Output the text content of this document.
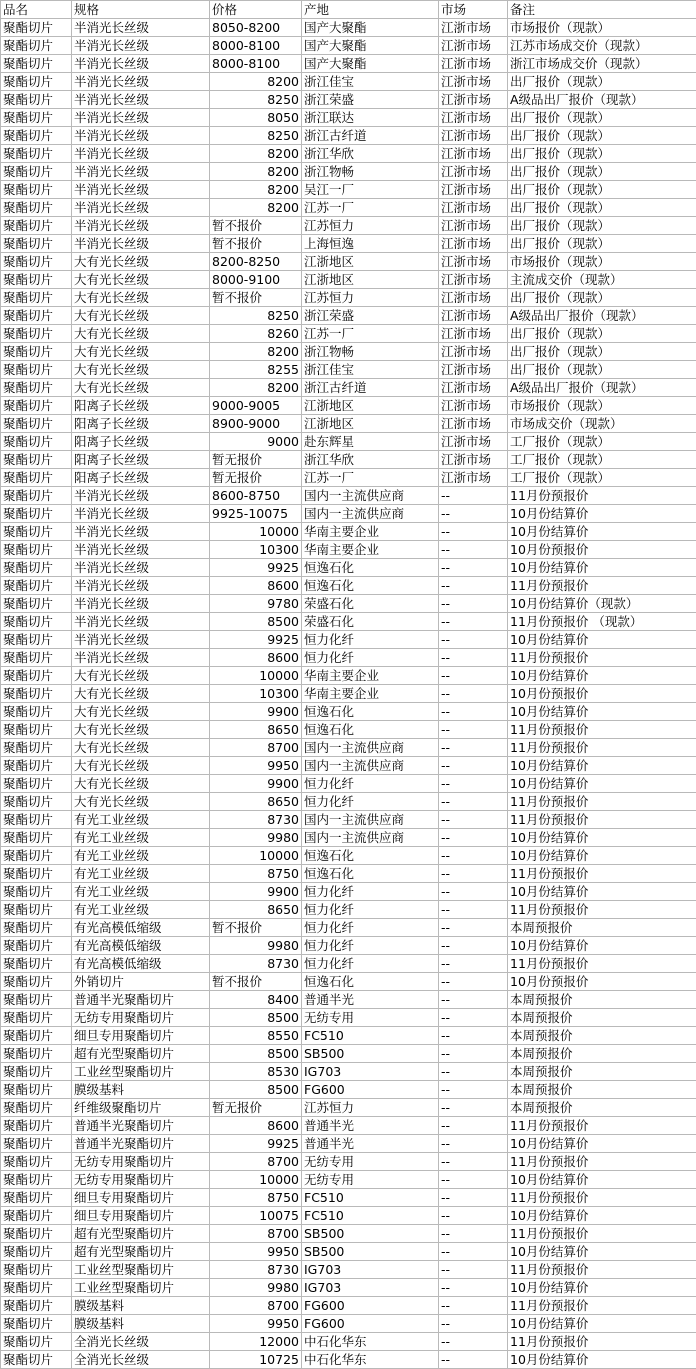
品名	规格	价格	产地	市场	备注
聚酯切片	半消光长丝级	8050-8200	国产大聚酯	江浙市场	市场报价（现款）
聚酯切片	半消光长丝级	8000-8100	国产大聚酯	江浙市场	江苏市场成交价（现款）
聚酯切片	半消光长丝级	8000-8100	国产大聚酯	江浙市场	浙江市场成交价（现款）
聚酯切片	半消光长丝级	8200	浙江佳宝	江浙市场	出厂报价（现款）
聚酯切片	半消光长丝级	8250	浙江荣盛	江浙市场	A级品出厂报价（现款）
聚酯切片	半消光长丝级	8050	浙江联达	江浙市场	出厂报价（现款）
聚酯切片	半消光长丝级	8250	浙江古纤道	江浙市场	出厂报价（现款）
聚酯切片	半消光长丝级	8200	浙江华欣	江浙市场	出厂报价（现款）
聚酯切片	半消光长丝级	8200	浙江物畅	江浙市场	出厂报价（现款）
聚酯切片	半消光长丝级	8200	吴江一厂	江浙市场	出厂报价（现款）
聚酯切片	半消光长丝级	8200	江苏一厂	江浙市场	出厂报价（现款）
聚酯切片	半消光长丝级	暂不报价	江苏恒力	江浙市场	出厂报价（现款）
聚酯切片	半消光长丝级	暂不报价	上海恒逸	江浙市场	出厂报价（现款）
聚酯切片	大有光长丝级	8200-8250	江浙地区	江浙市场	市场报价（现款）
聚酯切片	大有光长丝级	8000-9100	江浙地区	江浙市场	主流成交价（现款）
聚酯切片	大有光长丝级	暂不报价	江苏恒力	江浙市场	出厂报价（现款）
聚酯切片	大有光长丝级	8250	浙江荣盛	江浙市场	A级品出厂报价（现款）
聚酯切片	大有光长丝级	8260	江苏一厂	江浙市场	出厂报价（现款）
聚酯切片	大有光长丝级	8200	浙江物畅	江浙市场	出厂报价（现款）
聚酯切片	大有光长丝级	8255	浙江佳宝	江浙市场	出厂报价（现款）
聚酯切片	大有光长丝级	8200	浙江古纤道	江浙市场	A级品出厂报价（现款）
聚酯切片	阳离子长丝级	9000-9005	江浙地区	江浙市场	市场报价（现款）
聚酯切片	阳离子长丝级	8900-9000	江浙地区	江浙市场	市场成交价（现款）
聚酯切片	阳离子长丝级	9000	赴东辉星	江浙市场	工厂报价（现款）
聚酯切片	阳离子长丝级	暂无报价	浙江华欣	江浙市场	工厂报价（现款）
聚酯切片	阳离子长丝级	暂无报价	江苏一厂	江浙市场	工厂报价（现款）
聚酯切片	半消光长丝级	8600-8750	国内一主流供应商	--	11月份预报价
聚酯切片	半消光长丝级	9925-10075	国内一主流供应商	--	10月份结算价
聚酯切片	半消光长丝级	10000	华南主要企业	--	10月份结算价
聚酯切片	半消光长丝级	10300	华南主要企业	--	10月份预报价
聚酯切片	半消光长丝级	9925	恒逸石化	--	10月份结算价
聚酯切片	半消光长丝级	8600	恒逸石化	--	11月份预报价
聚酯切片	半消光长丝级	9780	荣盛石化	--	10月份结算价（现款）
聚酯切片	半消光长丝级	8500	荣盛石化	--	11月份预报价 （现款）
聚酯切片	半消光长丝级	9925	恒力化纤	--	10月份结算价
聚酯切片	半消光长丝级	8600	恒力化纤	--	11月份预报价
聚酯切片	大有光长丝级	10000	华南主要企业	--	10月份结算价
聚酯切片	大有光长丝级	10300	华南主要企业	--	10月份预报价
聚酯切片	大有光长丝级	9900	恒逸石化	--	10月份结算价
聚酯切片	大有光长丝级	8650	恒逸石化	--	11月份预报价
聚酯切片	大有光长丝级	8700	国内一主流供应商	--	11月份预报价
聚酯切片	大有光长丝级	9950	国内一主流供应商	--	10月份结算价
聚酯切片	大有光长丝级	9900	恒力化纤	--	10月份结算价
聚酯切片	大有光长丝级	8650	恒力化纤	--	11月份预报价
聚酯切片	有光工业丝级	8730	国内一主流供应商	--	11月份预报价
聚酯切片	有光工业丝级	9980	国内一主流供应商	--	10月份结算价
聚酯切片	有光工业丝级	10000	恒逸石化	--	10月份结算价
聚酯切片	有光工业丝级	8750	恒逸石化	--	11月份预报价
聚酯切片	有光工业丝级	9900	恒力化纤	--	10月份结算价
聚酯切片	有光工业丝级	8650	恒力化纤	--	11月份预报价
聚酯切片	有光高模低缩级	暂不报价	恒力化纤	--	本周预报价
聚酯切片	有光高模低缩级	9980	恒力化纤	--	10月份结算价
聚酯切片	有光高模低缩级	8730	恒力化纤	--	11月份预报价
聚酯切片	外销切片	暂不报价	恒逸石化	--	10月份预报价
聚酯切片	普通半光聚酯切片	8400	普通半光	--	本周预报价
聚酯切片	无纺专用聚酯切片	8500	无纺专用	--	本周预报价
聚酯切片	细旦专用聚酯切片	8550	FC510	--	本周预报价
聚酯切片	超有光型聚酯切片	8500	SB500	--	本周预报价
聚酯切片	工业丝型聚酯切片	8530	IG703	--	本周预报价
聚酯切片	膜级基料	8500	FG600	--	本周预报价
聚酯切片	纤维级聚酯切片	暂无报价	江苏恒力	--	本周预报价
聚酯切片	普通半光聚酯切片	8600	普通半光	--	11月份预报价
聚酯切片	普通半光聚酯切片	9925	普通半光	--	10月份结算价
聚酯切片	无纺专用聚酯切片	8700	无纺专用	--	11月份预报价
聚酯切片	无纺专用聚酯切片	10000	无纺专用	--	10月份结算价
聚酯切片	细旦专用聚酯切片	8750	FC510	--	11月份预报价
聚酯切片	细旦专用聚酯切片	10075	FC510	--	10月份结算价
聚酯切片	超有光型聚酯切片	8700	SB500	--	11月份预报价
聚酯切片	超有光型聚酯切片	9950	SB500	--	10月份结算价
聚酯切片	工业丝型聚酯切片	8730	IG703	--	11月份预报价
聚酯切片	工业丝型聚酯切片	9980	IG703	--	10月份结算价
聚酯切片	膜级基料	8700	FG600	--	11月份预报价
聚酯切片	膜级基料	9950	FG600	--	10月份结算价
聚酯切片	全消光长丝级	12000	中石化华东	--	11月份预报价
聚酯切片	全消光长丝级	10725	中石化华东	--	10月份结算价
